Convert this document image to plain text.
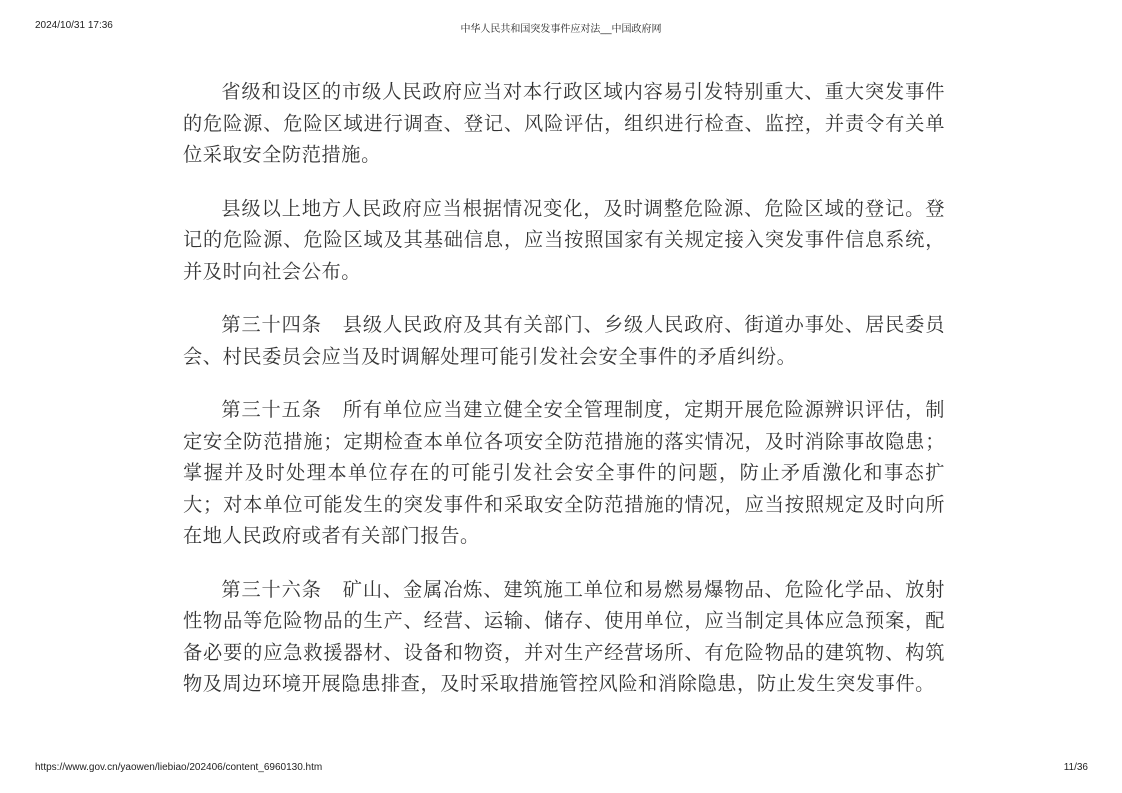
2024/10/31 17:36	中华人民共和国突发事件应对法__中国政府网

省级和设区的市级人民政府应当对本行政区域内容易引发特别重大、重大突发事件的危险源、危险区域进行调查、登记、风险评估，组织进行检查、监控，并责令有关单位采取安全防范措施。

县级以上地方人民政府应当根据情况变化，及时调整危险源、危险区域的登记。登记的危险源、危险区域及其基础信息，应当按照国家有关规定接入突发事件信息系统，并及时向社会公布。

第三十四条 县级人民政府及其有关部门、乡级人民政府、街道办事处、居民委员会、村民委员会应当及时调解处理可能引发社会安全事件的矛盾纠纷。

第三十五条 所有单位应当建立健全安全管理制度，定期开展危险源辨识评估，制定安全防范措施；定期检查本单位各项安全防范措施的落实情况，及时消除事故隐患；掌握并及时处理本单位存在的可能引发社会安全事件的问题，防止矛盾激化和事态扩大；对本单位可能发生的突发事件和采取安全防范措施的情况，应当按照规定及时向所在地人民政府或者有关部门报告。

第三十六条 矿山、金属冶炼、建筑施工单位和易燃易爆物品、危险化学品、放射性物品等危险物品的生产、经营、运输、储存、使用单位，应当制定具体应急预案，配备必要的应急救援器材、设备和物资，并对生产经营场所、有危险物品的建筑物、构筑物及周边环境开展隐患排查，及时采取措施管控风险和消除隐患，防止发生突发事件。

https://www.gov.cn/yaowen/liebiao/202406/content_6960130.htm	11/36
